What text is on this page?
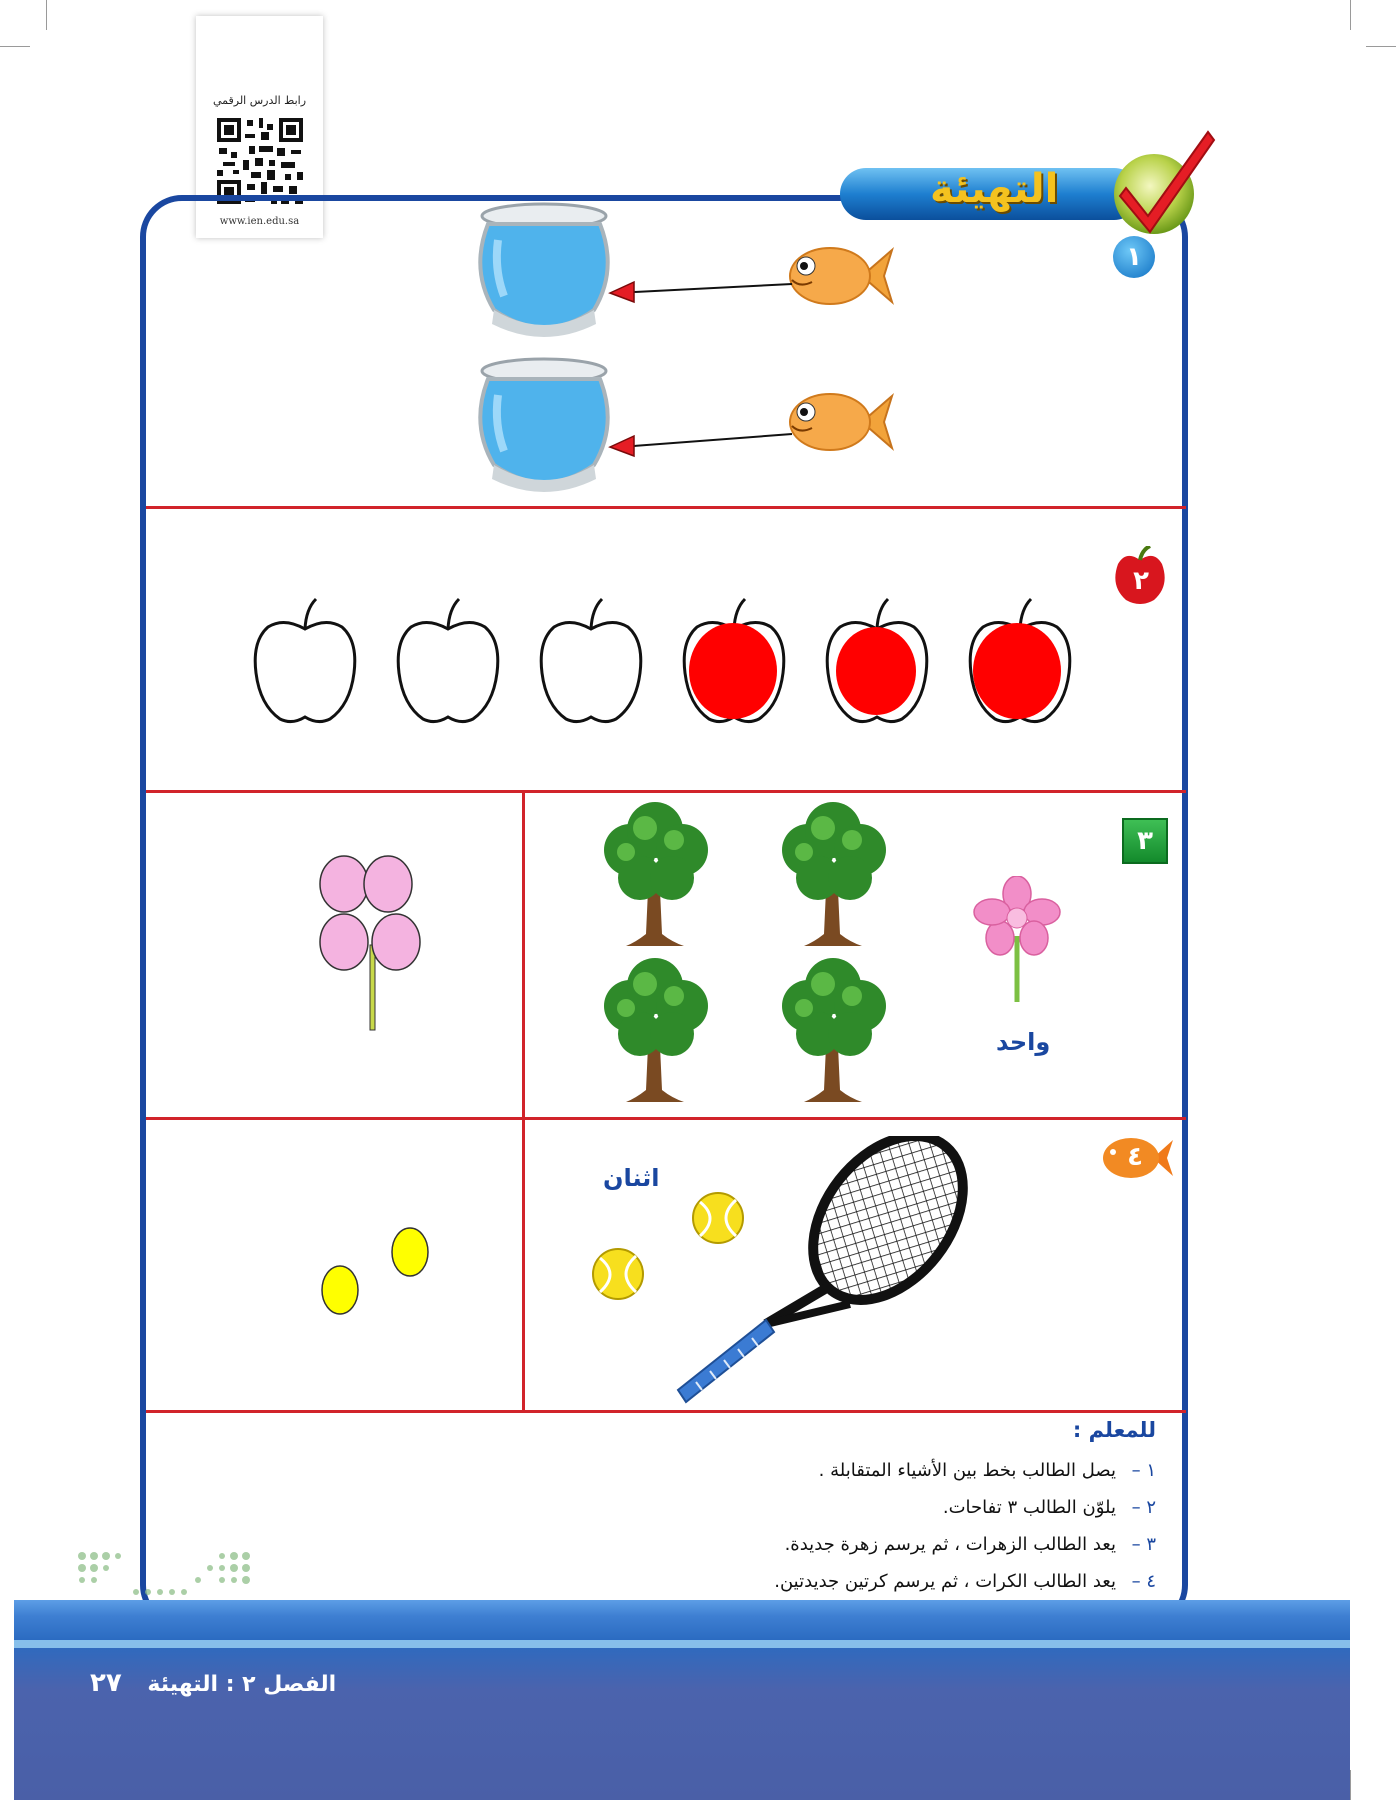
رابط الدرس الرقمي
www.ien.edu.sa
التهيئة
١
٢
٣
واحد
٤
اثنان
للمعلم :
١ –يصل الطالب بخط بين الأشياء المتقابلة .
٢ –يلوّن الطالب ٣ تفاحات.
٣ –يعد الطالب الزهرات ، ثم يرسم زهرة جديدة.
٤ –يعد الطالب الكرات ، ثم يرسم كرتين جديدتين.
الفصل ٢ : التهيئة ٢٧
